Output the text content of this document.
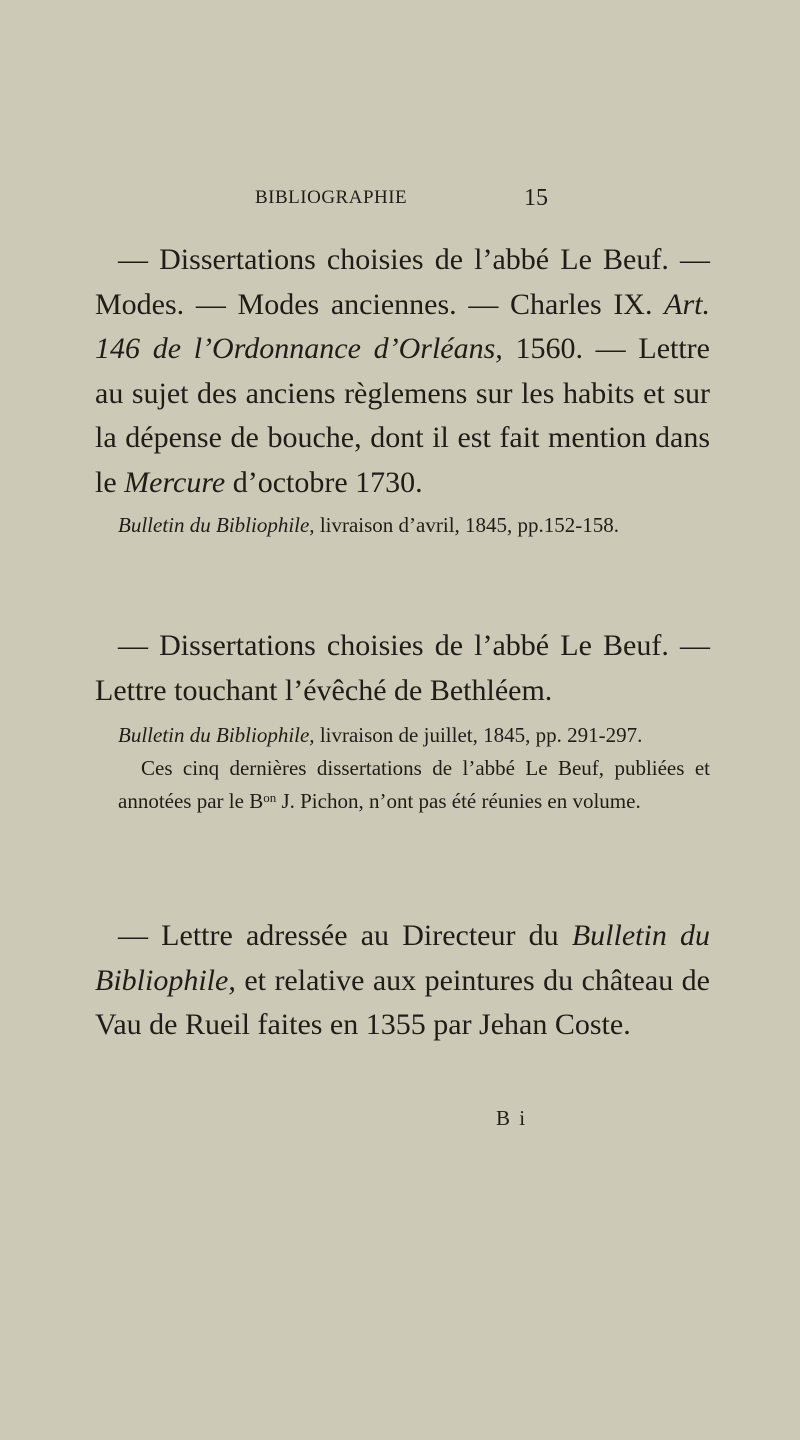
BIBLIOGRAPHIE	15

— Dissertations choisies de l’abbé Le Beuf. — Modes. — Modes anciennes. — Charles IX. Art. 146 de l’Ordonnance d’Orléans, 1560. — Lettre au sujet des anciens règlemens sur les habits et sur la dépense de bouche, dont il est fait mention dans le Mercure d’octobre 1730.

Bulletin du Bibliophile, livraison d’avril, 1845, pp.152-158.

— Dissertations choisies de l’abbé Le Beuf. — Lettre touchant l’évêché de Bethléem.

Bulletin du Bibliophile, livraison de juillet, 1845, pp. 291-297.

Ces cinq dernières dissertations de l’abbé Le Beuf, publiées et annotées par le $B^{on}$ J. Pichon, n’ont pas été réunies en volume.

— Lettre adressée au Directeur du Bulletin du Bibliophile, et relative aux peintures du château de Vau de Rueil faites en 1355 par Jehan Coste.

B i
